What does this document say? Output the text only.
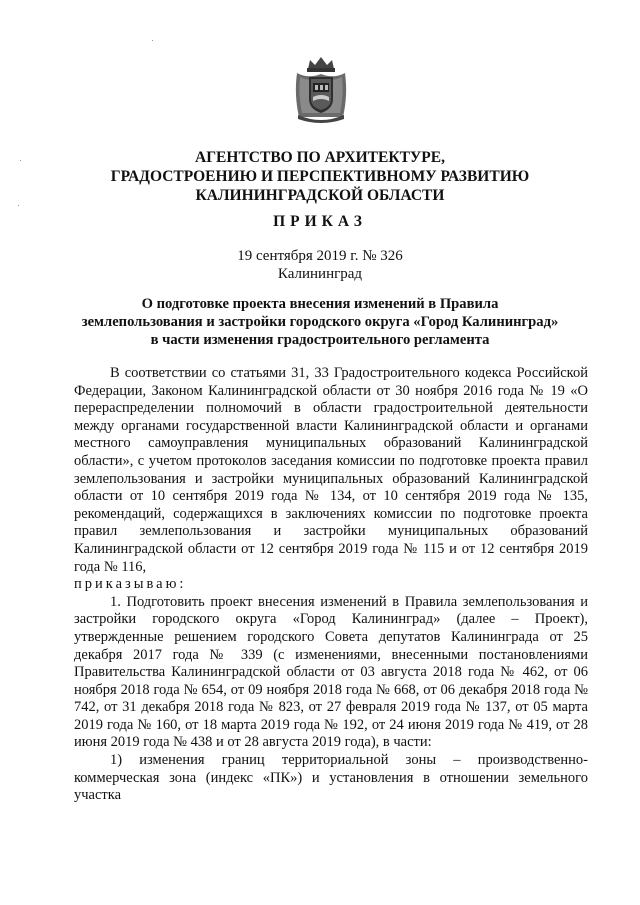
АГЕНТСТВО ПО АРХИТЕКТУРЕ,
ГРАДОСТРОЕНИЮ И ПЕРСПЕКТИВНОМУ РАЗВИТИЮ
КАЛИНИНГРАДСКОЙ ОБЛАСТИ
ПРИКАЗ
19 сентября 2019 г. № 326
Калининград
О подготовке проекта внесения изменений в Правила
землепользования и застройки городского округа «Город Калининград»
в части изменения градостроительного регламента

В соответствии со статьями 31, 33 Градостроительного кодекса Российской Федерации, Законом Калининградской области от 30 ноября 2016 года № 19 «О перераспределении полномочий в области градостроительной деятельности между органами государственной власти Калининградской области и органами местного самоуправления муниципальных образований Калининградской области», с учетом протоколов заседания комиссии по подготовке проекта правил землепользования и застройки муниципальных образований Калининградской области от 10 сентября 2019 года № 134, от 10 сентября 2019 года № 135, рекомендаций, содержащихся в заключениях комиссии по подготовке проекта правил землепользования и застройки муниципальных образований Калининградской области от 12 сентября 2019 года № 115 и от 12 сентября 2019 года № 116,

приказываю:

1. Подготовить проект внесения изменений в Правила землепользования и застройки городского округа «Город Калининград» (далее – Проект), утвержденные решением городского Совета депутатов Калининграда от 25 декабря 2017 года № 339 (с изменениями, внесенными постановлениями Правительства Калининградской области от 03 августа 2018 года № 462, от 06 ноября 2018 года № 654, от 09 ноября 2018 года № 668, от 06 декабря 2018 года № 742, от 31 декабря 2018 года № 823, от 27 февраля 2019 года № 137, от 05 марта 2019 года № 160, от 18 марта 2019 года № 192, от 24 июня 2019 года № 419, от 28 июня 2019 года № 438 и от 28 августа 2019 года), в части:

1) изменения границ территориальной зоны – производственно-коммерческая зона (индекс «ПК») и установления в отношении земельного участка
